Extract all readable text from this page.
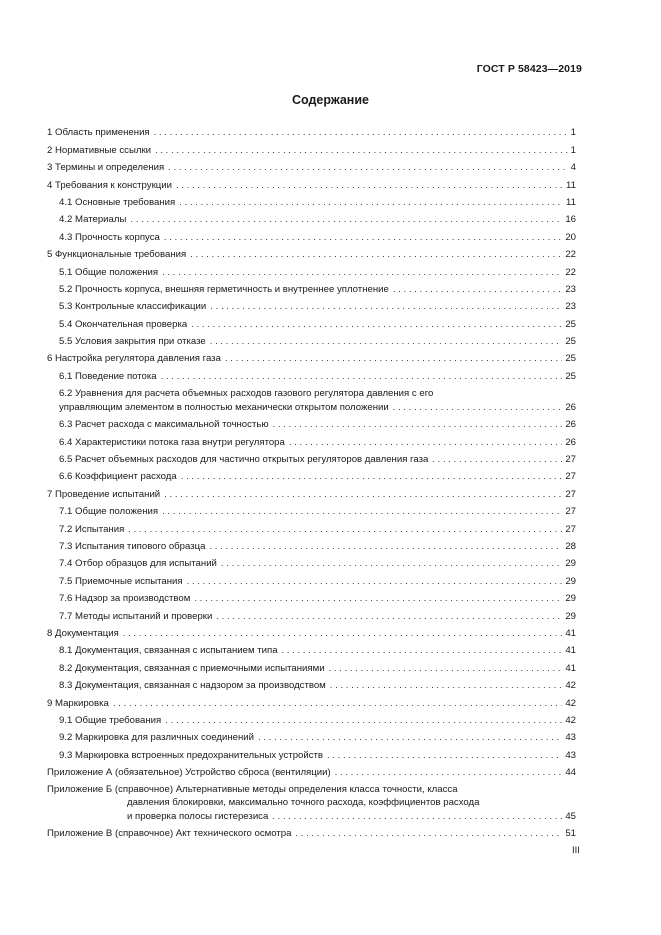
ГОСТ Р 58423—2019
Содержание
1 Область применения . . .	1
2 Нормативные ссылки . . .	1
3 Термины и определения . . .	4
4 Требования к конструкции . . .	11
4.1 Основные требования . . .	11
4.2 Материалы . . .	16
4.3 Прочность корпуса . . .	20
5 Функциональные требования . . .	22
5.1 Общие положения . . .	22
5.2 Прочность корпуса, внешняя герметичность и внутреннее уплотнение . . .	23
5.3 Контрольные классификации . . .	23
5.4 Окончательная проверка . . .	25
5.5 Условия закрытия при отказе . . .	25
6 Настройка регулятора давления газа . . .	25
6.1 Поведение потока . . .	25
6.2 Уравнения для расчета объемных расходов газового регулятора давления с его
управляющим элементом в полностью механически открытом положении . . .	26
6.3 Расчет расхода с максимальной точностью . . .	26
6.4 Характеристики потока газа внутри регулятора . . .	26
6.5 Расчет объемных расходов для частично открытых регуляторов давления газа . . .	27
6.6 Коэффициент расхода . . .	27
7 Проведение испытаний . . .	27
7.1 Общие положения . . .	27
7.2 Испытания . . .	27
7.3 Испытания типового образца . . .	28
7.4 Отбор образцов для испытаний . . .	29
7.5 Приемочные испытания . . .	29
7.6 Надзор за производством . . .	29
7.7 Методы испытаний и проверки . . .	29
8 Документация . . .	41
8.1 Документация, связанная с испытанием типа . . .	41
8.2 Документация, связанная с приемочными испытаниями . . .	41
8.3 Документация, связанная с надзором за производством . . .	42
9 Маркировка . . .	42
9.1 Общие требования . . .	42
9.2 Маркировка для различных соединений . . .	43
9.3 Маркировка встроенных предохранительных устройств . . .	43
Приложение А (обязательное) Устройство сброса (вентиляции) . . .	44
Приложение Б (справочное) Альтернативные методы определения класса точности, класса
давления блокировки, максимально точного расхода, коэффициентов расхода
и проверка полосы гистерезиса . . .	45
Приложение В (справочное) Акт технического осмотра . . .	51
III
